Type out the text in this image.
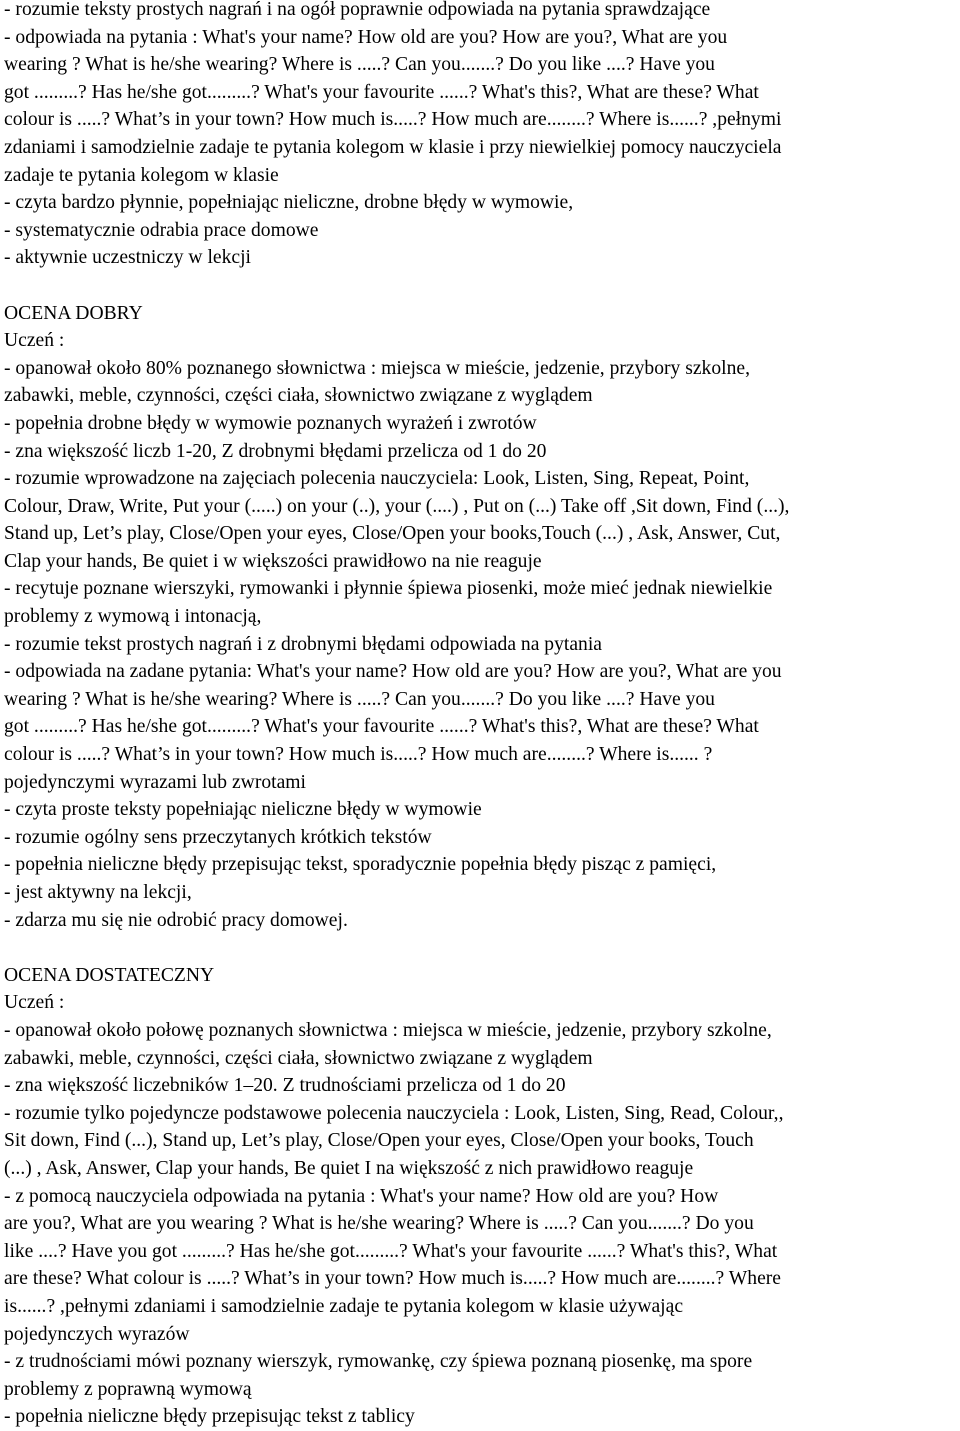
- rozumie teksty prostych nagrań i na ogół poprawnie odpowiada na pytania sprawdzające
- odpowiada na pytania : What's your name? How old are you? How are you?, What are you
wearing ? What is he/she wearing? Where is .....? Can you.......? Do you like ....? Have you
got .........? Has he/she got.........? What's your favourite ......? What's this?, What are these? What
colour is .....? What’s in your town? How much is.....? How much are........? Where is......? ,pełnymi
zdaniami i samodzielnie zadaje te pytania kolegom w klasie i przy niewielkiej pomocy nauczyciela
zadaje te pytania kolegom w klasie
- czyta bardzo płynnie, popełniając nieliczne, drobne błędy w wymowie,
- systematycznie odrabia prace domowe
- aktywnie uczestniczy w lekcji
OCENA DOBRY
Uczeń :
- opanował około 80% poznanego słownictwa : miejsca w mieście, jedzenie, przybory szkolne,
zabawki, meble, czynności, części ciała, słownictwo związane z wyglądem
- popełnia drobne błędy w wymowie poznanych wyrażeń i zwrotów
- zna większość liczb 1-20, Z drobnymi błędami przelicza od 1 do 20
- rozumie wprowadzone na zajęciach polecenia nauczyciela: Look, Listen, Sing, Repeat, Point,
Colour, Draw, Write, Put your (.....) on your (..), your (....) , Put on (...) Take off ,Sit down, Find (...),
Stand up, Let’s play, Close/Open your eyes, Close/Open your books,Touch (...) , Ask, Answer, Cut,
Clap your hands, Be quiet i w większości prawidłowo na nie reaguje
- recytuje poznane wierszyki, rymowanki i płynnie śpiewa piosenki, może mieć jednak niewielkie
problemy z wymową i intonacją,
- rozumie tekst prostych nagrań i z drobnymi błędami odpowiada na pytania
- odpowiada na zadane pytania: What's your name? How old are you? How are you?, What are you
wearing ? What is he/she wearing? Where is .....? Can you.......? Do you like ....? Have you
got .........? Has he/she got.........? What's your favourite ......? What's this?, What are these? What
colour is .....? What’s in your town? How much is.....? How much are........? Where is...... ?
pojedynczymi wyrazami lub zwrotami
- czyta proste teksty popełniając nieliczne błędy w wymowie
- rozumie ogólny sens przeczytanych krótkich tekstów
- popełnia nieliczne błędy przepisując tekst, sporadycznie popełnia błędy pisząc z pamięci,
- jest aktywny na lekcji,
- zdarza mu się nie odrobić pracy domowej.
OCENA DOSTATECZNY
Uczeń :
- opanował około połowę poznanych słownictwa : miejsca w mieście, jedzenie, przybory szkolne,
zabawki, meble, czynności, części ciała, słownictwo związane z wyglądem
- zna większość liczebników 1–20. Z trudnościami przelicza od 1 do 20
- rozumie tylko pojedyncze podstawowe polecenia nauczyciela : Look, Listen, Sing, Read, Colour,,
Sit down, Find (...), Stand up, Let’s play, Close/Open your eyes, Close/Open your books, Touch
(...) , Ask, Answer, Clap your hands, Be quiet I na większość z nich prawidłowo reaguje
- z pomocą nauczyciela odpowiada na pytania : What's your name? How old are you? How
are you?, What are you wearing ? What is he/she wearing? Where is .....? Can you.......? Do you
like ....? Have you got .........? Has he/she got.........? What's your favourite ......? What's this?, What
are these? What colour is .....? What’s in your town? How much is.....? How much are........? Where
is......? ,pełnymi zdaniami i samodzielnie zadaje te pytania kolegom w klasie używając
pojedynczych wyrazów
- z trudnościami mówi poznany wierszyk, rymowankę, czy śpiewa poznaną piosenkę, ma spore
problemy z poprawną wymową
- popełnia nieliczne błędy przepisując tekst z tablicy
